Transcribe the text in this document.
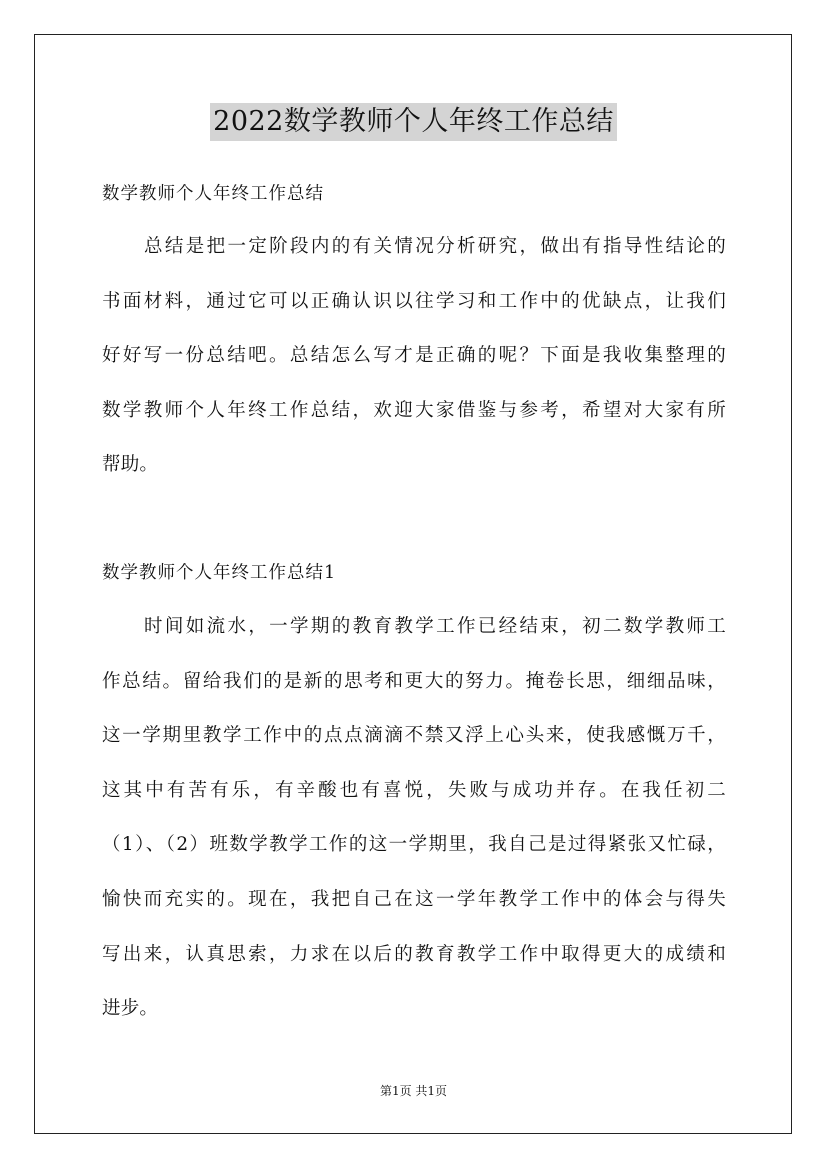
2022数学教师个人年终工作总结
数学教师个人年终工作总结
总结是把一定阶段内的有关情况分析研究，做出有指导性结论的
书面材料，通过它可以正确认识以往学习和工作中的优缺点，让我们
好好写一份总结吧。总结怎么写才是正确的呢？下面是我收集整理的
数学教师个人年终工作总结，欢迎大家借鉴与参考，希望对大家有所
帮助。
数学教师个人年终工作总结1
时间如流水，一学期的教育教学工作已经结束，初二数学教师工
作总结。留给我们的是新的思考和更大的努力。掩卷长思，细细品味，
这一学期里教学工作中的点点滴滴不禁又浮上心头来，使我感慨万千，
这其中有苦有乐，有辛酸也有喜悦，失败与成功并存。在我任初二
（1）、（2）班数学教学工作的这一学期里，我自己是过得紧张又忙碌，
愉快而充实的。现在，我把自己在这一学年教学工作中的体会与得失
写出来，认真思索，力求在以后的教育教学工作中取得更大的成绩和
进步。
第1页 共1页
